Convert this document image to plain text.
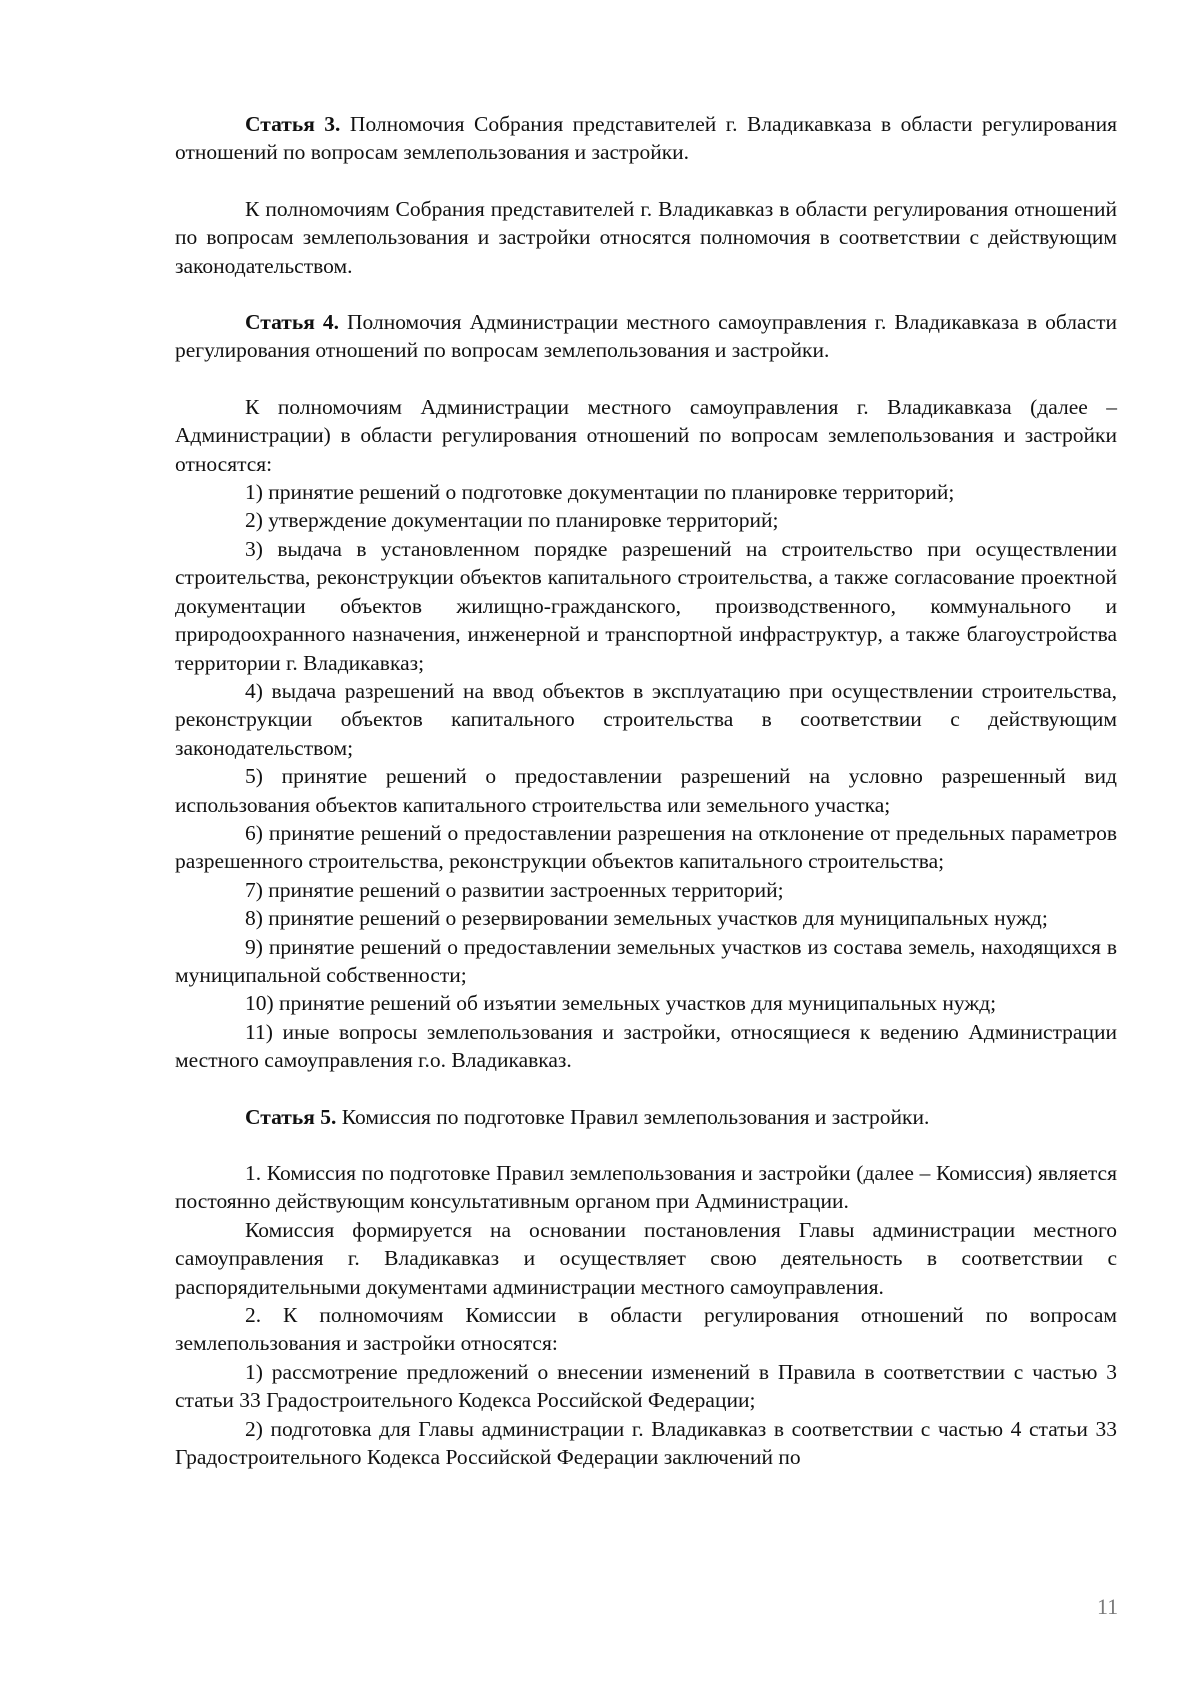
Статья 3. Полномочия Собрания представителей г. Владикавказа в области регулирования отношений по вопросам землепользования и застройки.

К полномочиям Собрания представителей г. Владикавказ в области регулирования отношений по вопросам землепользования и застройки относятся полномочия в соответствии с действующим законодательством.

Статья 4. Полномочия Администрации местного самоуправления г. Владикавказа в области регулирования отношений по вопросам землепользования и застройки.

К полномочиям Администрации местного самоуправления г. Владикавказа (далее – Администрации) в области регулирования отношений по вопросам землепользования и застройки относятся:

1) принятие решений о подготовке документации по планировке территорий;

2) утверждение документации по планировке территорий;

3) выдача в установленном порядке разрешений на строительство при осуществлении строительства, реконструкции объектов капитального строительства, а также согласование проектной документации объектов жилищно-гражданского, производственного, коммунального и природоохранного назначения, инженерной и транспортной инфраструктур, а также благоустройства территории г. Владикавказ;

4) выдача разрешений на ввод объектов в эксплуатацию при осуществлении строительства, реконструкции объектов капитального строительства в соответствии с действующим законодательством;

5) принятие решений о предоставлении разрешений на условно разрешенный вид использования объектов капитального строительства или земельного участка;

6) принятие решений о предоставлении разрешения на отклонение от предельных параметров разрешенного строительства, реконструкции объектов капитального строительства;

7) принятие решений о развитии застроенных территорий;

8) принятие решений о резервировании земельных участков для муниципальных нужд;

9) принятие решений о предоставлении земельных участков из состава земель, находящихся в муниципальной собственности;

10) принятие решений об изъятии земельных участков для муниципальных нужд;

11) иные вопросы землепользования и застройки, относящиеся к ведению Администрации местного самоуправления г.о. Владикавказ.

Статья 5. Комиссия по подготовке Правил землепользования и застройки.

1. Комиссия по подготовке Правил землепользования и застройки (далее – Комиссия) является постоянно действующим консультативным органом при Администрации.

Комиссия формируется на основании постановления Главы администрации местного самоуправления г. Владикавказ и осуществляет свою деятельность в соответствии с распорядительными документами администрации местного самоуправления.

2. К полномочиям Комиссии в области регулирования отношений по вопросам землепользования и застройки относятся:

1) рассмотрение предложений о внесении изменений в Правила в соответствии с частью 3 статьи 33 Градостроительного Кодекса Российской Федерации;

2) подготовка для Главы администрации г. Владикавказ в соответствии с частью 4 статьи 33 Градостроительного Кодекса Российской Федерации заключений по

11
